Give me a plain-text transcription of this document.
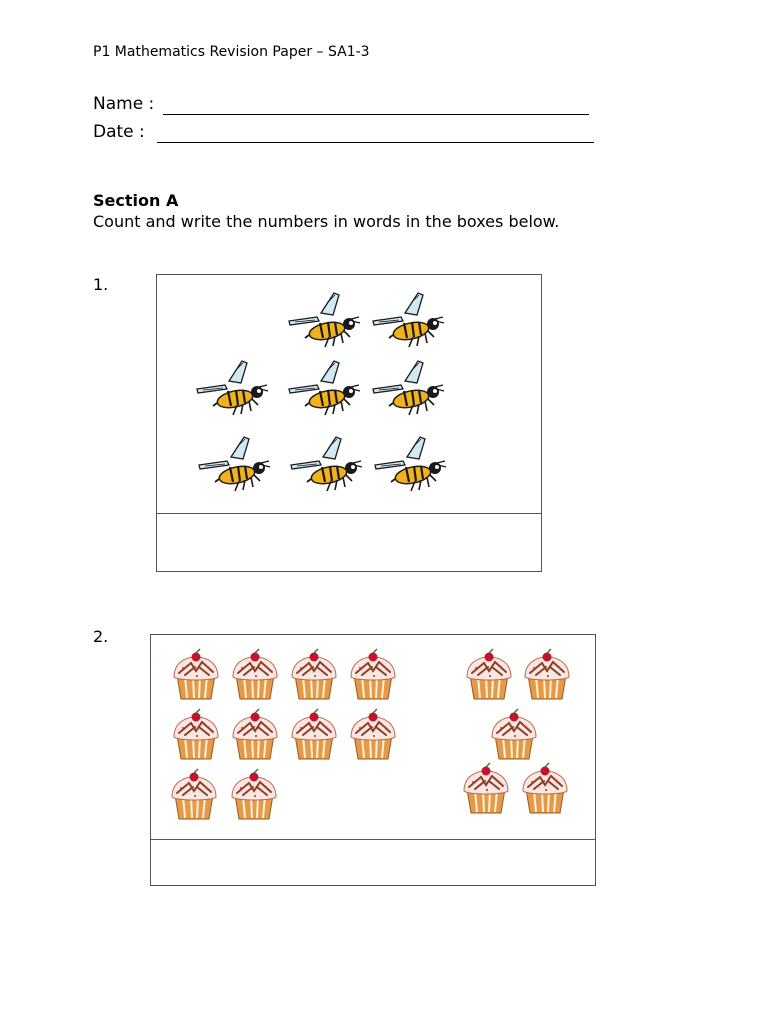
P1 Mathematics Revision Paper – SA1-3
Name :
Date :
Section A
Count and write the numbers in words in the boxes below.
1.
2.
